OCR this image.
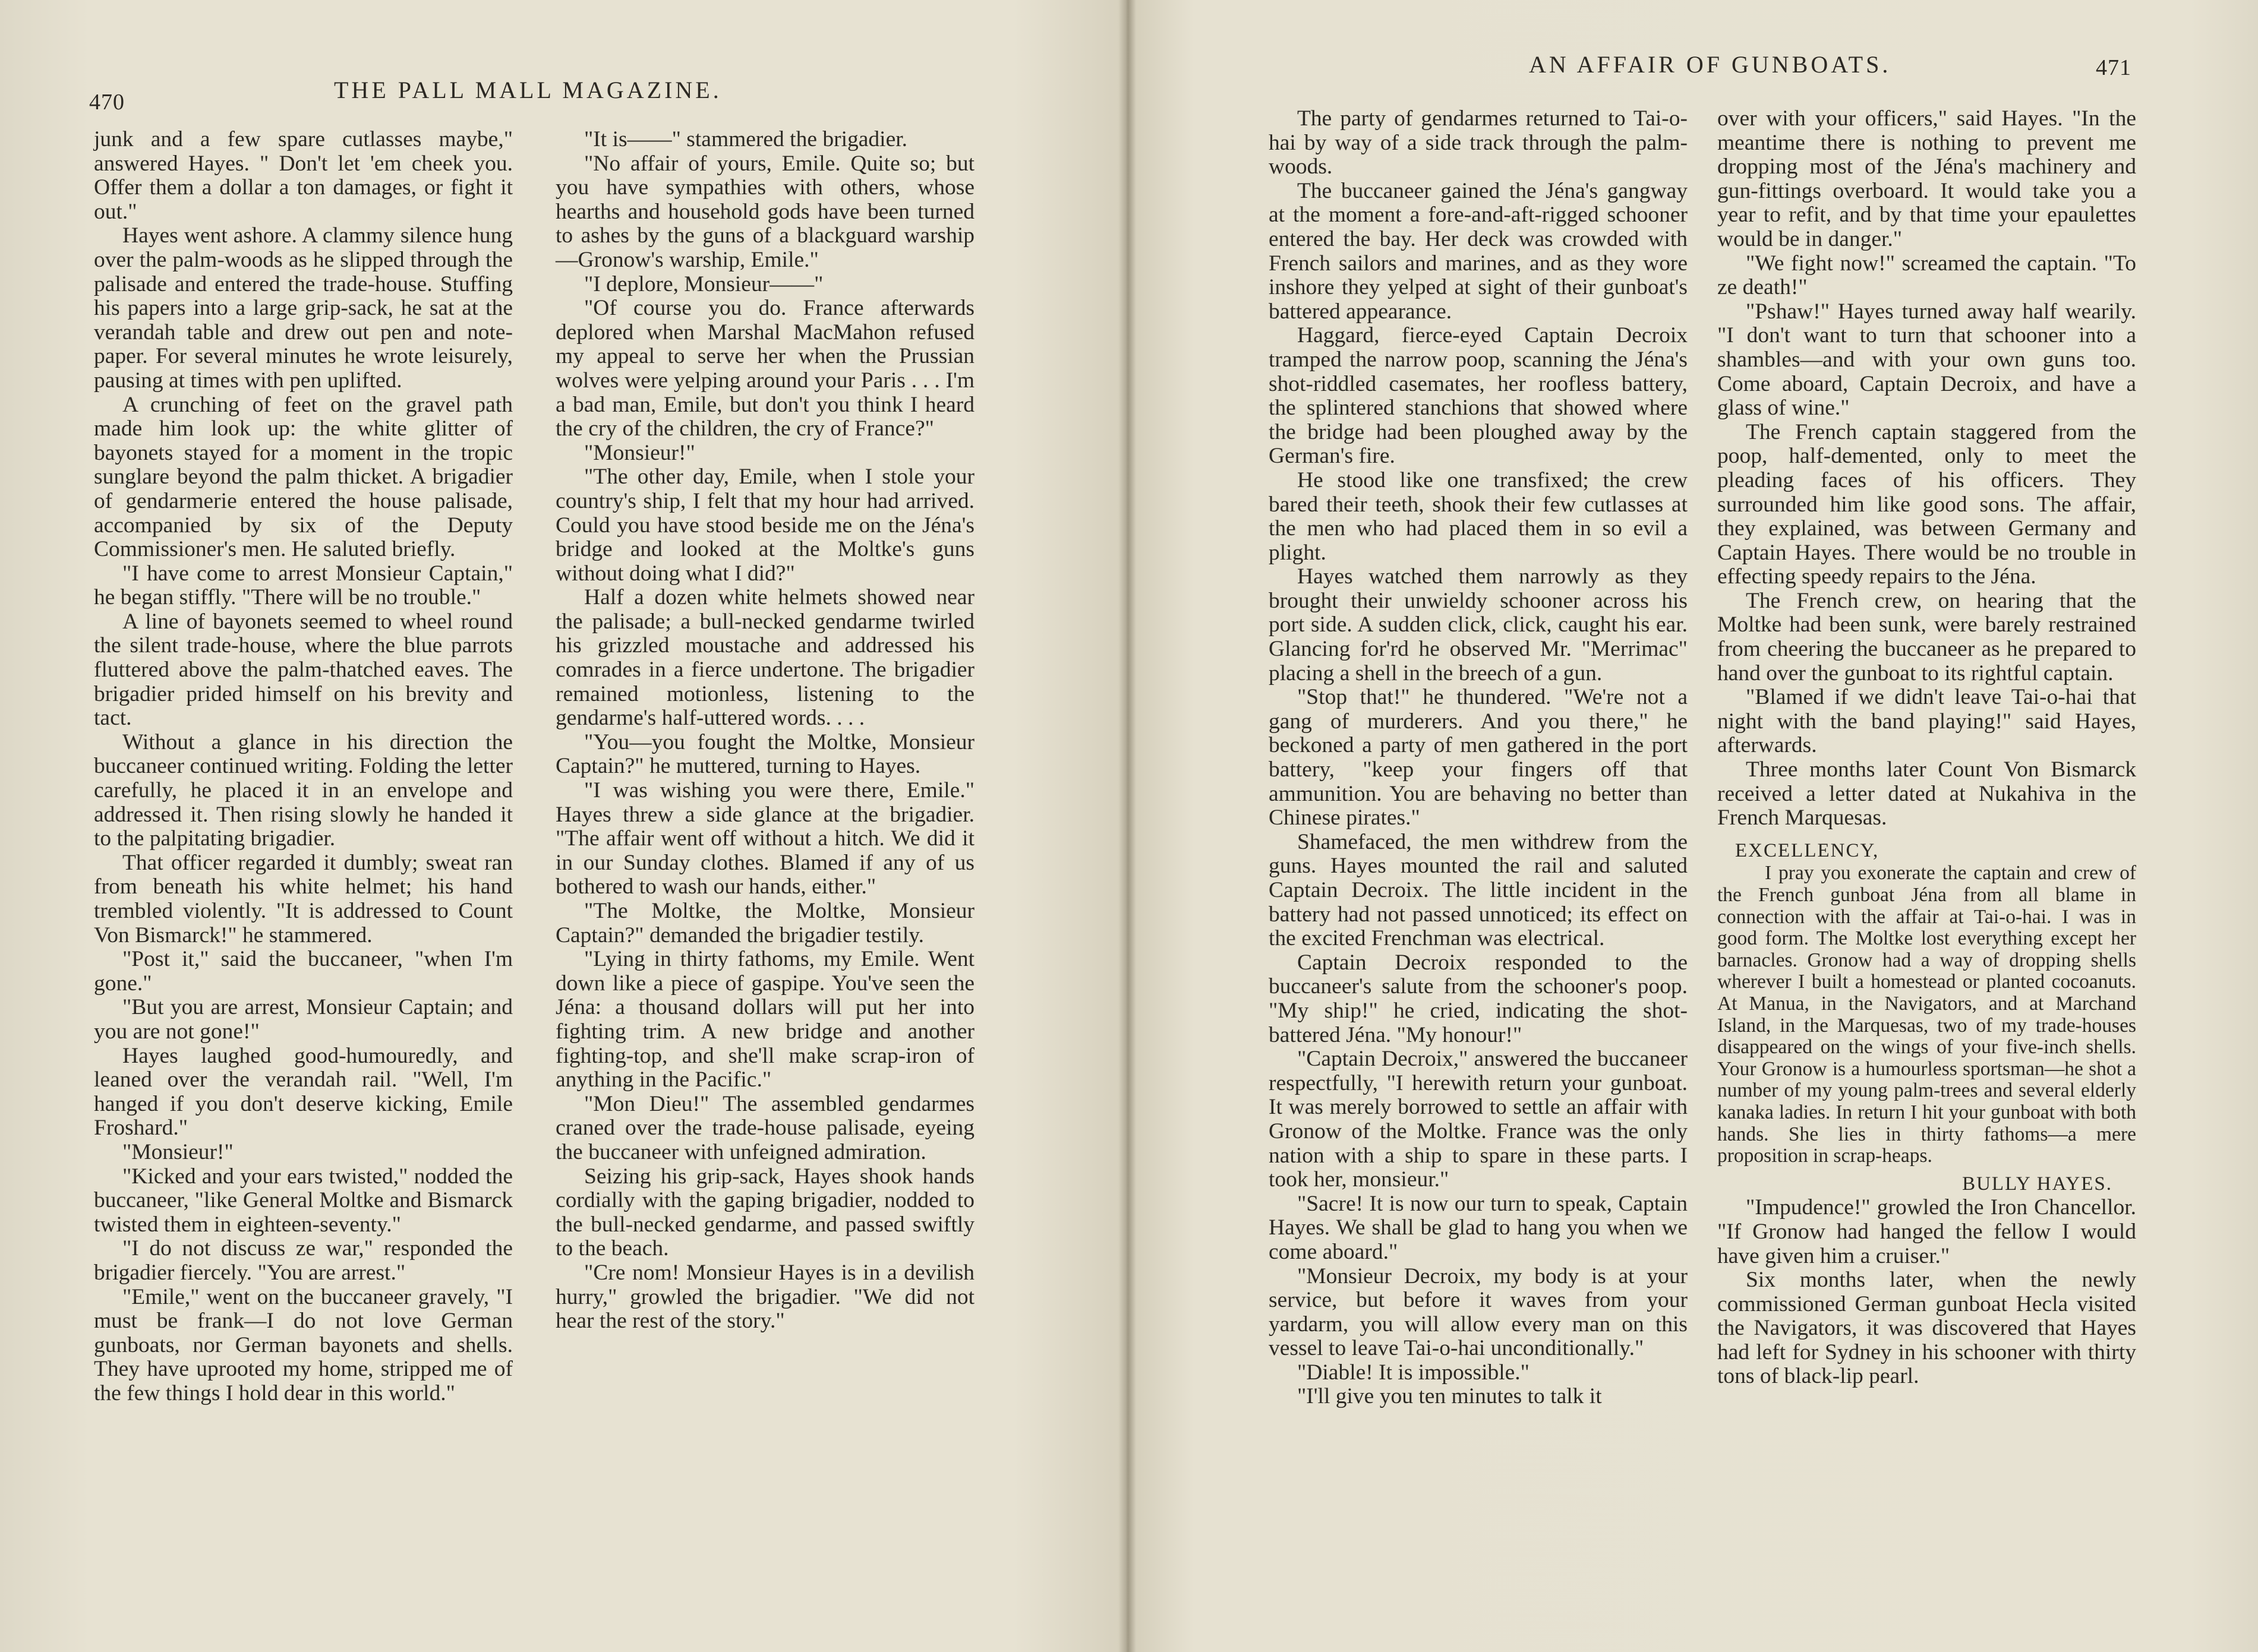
470	THE PALL MALL MAGAZINE.

junk and a few spare cutlasses maybe," answered Hayes. " Don't let 'em cheek you. Offer them a dollar a ton damages, or fight it out."

Hayes went ashore. A clammy silence hung over the palm-woods as he slipped through the palisade and entered the trade-house. Stuffing his papers into a large grip-sack, he sat at the verandah table and drew out pen and note-paper. For several minutes he wrote leisurely, pausing at times with pen uplifted.

A crunching of feet on the gravel path made him look up: the white glitter of bayonets stayed for a moment in the tropic sunglare beyond the palm thicket. A brigadier of gendarmerie entered the house palisade, accompanied by six of the Deputy Commissioner's men. He saluted briefly.

"I have come to arrest Monsieur Captain," he began stiffly. "There will be no trouble."

A line of bayonets seemed to wheel round the silent trade-house, where the blue parrots fluttered above the palm-thatched eaves. The brigadier prided himself on his brevity and tact.

Without a glance in his direction the buccaneer continued writing. Folding the letter carefully, he placed it in an envelope and addressed it. Then rising slowly he handed it to the palpitating brigadier.

That officer regarded it dumbly; sweat ran from beneath his white helmet; his hand trembled violently. "It is addressed to Count Von Bismarck!" he stammered.

"Post it," said the buccaneer, "when I'm gone."

"But you are arrest, Monsieur Captain; and you are not gone!"

Hayes laughed good-humouredly, and leaned over the verandah rail. "Well, I'm hanged if you don't deserve kicking, Emile Froshard."

"Monsieur!"

"Kicked and your ears twisted," nodded the buccaneer, "like General Moltke and Bismarck twisted them in eighteen-seventy."

"I do not discuss ze war," responded the brigadier fiercely. "You are arrest."

"Emile," went on the buccaneer gravely, "I must be frank—I do not love German gunboats, nor German bayonets and shells. They have uprooted my home, stripped me of the few things I hold dear in this world."

"It is——" stammered the brigadier.

"No affair of yours, Emile. Quite so; but you have sympathies with others, whose hearths and household gods have been turned to ashes by the guns of a blackguard warship—Gronow's warship, Emile."

"I deplore, Monsieur——"

"Of course you do. France afterwards deplored when Marshal MacMahon refused my appeal to serve her when the Prussian wolves were yelping around your Paris . . . I'm a bad man, Emile, but don't you think I heard the cry of the children, the cry of France?"

"Monsieur!"

"The other day, Emile, when I stole your country's ship, I felt that my hour had arrived. Could you have stood beside me on the Jéna's bridge and looked at the Moltke's guns without doing what I did?"

Half a dozen white helmets showed near the palisade; a bull-necked gendarme twirled his grizzled moustache and addressed his comrades in a fierce undertone. The brigadier remained motionless, listening to the gendarme's half-uttered words. . . .

"You—you fought the Moltke, Monsieur Captain?" he muttered, turning to Hayes.

"I was wishing you were there, Emile." Hayes threw a side glance at the brigadier. "The affair went off without a hitch. We did it in our Sunday clothes. Blamed if any of us bothered to wash our hands, either."

"The Moltke, the Moltke, Monsieur Captain?" demanded the brigadier testily.

"Lying in thirty fathoms, my Emile. Went down like a piece of gaspipe. You've seen the Jéna: a thousand dollars will put her into fighting trim. A new bridge and another fighting-top, and she'll make scrap-iron of anything in the Pacific."

"Mon Dieu!" The assembled gendarmes craned over the trade-house palisade, eyeing the buccaneer with unfeigned admiration.

Seizing his grip-sack, Hayes shook hands cordially with the gaping brigadier, nodded to the bull-necked gendarme, and passed swiftly to the beach.

"Cre nom! Monsieur Hayes is in a devilish hurry," growled the brigadier. "We did not hear the rest of the story."

AN AFFAIR OF GUNBOATS.	471

The party of gendarmes returned to Tai-o-hai by way of a side track through the palm-woods.

The buccaneer gained the Jéna's gangway at the moment a fore-and-aft-rigged schooner entered the bay. Her deck was crowded with French sailors and marines, and as they wore inshore they yelped at sight of their gunboat's battered appearance.

Haggard, fierce-eyed Captain Decroix tramped the narrow poop, scanning the Jéna's shot-riddled casemates, her roofless battery, the splintered stanchions that showed where the bridge had been ploughed away by the German's fire.

He stood like one transfixed; the crew bared their teeth, shook their few cutlasses at the men who had placed them in so evil a plight.

Hayes watched them narrowly as they brought their unwieldy schooner across his port side. A sudden click, click, caught his ear. Glancing for'rd he observed Mr. "Merrimac" placing a shell in the breech of a gun.

"Stop that!" he thundered. "We're not a gang of murderers. And you there," he beckoned a party of men gathered in the port battery, "keep your fingers off that ammunition. You are behaving no better than Chinese pirates."

Shamefaced, the men withdrew from the guns. Hayes mounted the rail and saluted Captain Decroix. The little incident in the battery had not passed unnoticed; its effect on the excited Frenchman was electrical.

Captain Decroix responded to the buccaneer's salute from the schooner's poop. "My ship!" he cried, indicating the shot-battered Jéna. "My honour!"

"Captain Decroix," answered the buccaneer respectfully, "I herewith return your gunboat. It was merely borrowed to settle an affair with Gronow of the Moltke. France was the only nation with a ship to spare in these parts. I took her, monsieur."

"Sacre! It is now our turn to speak, Captain Hayes. We shall be glad to hang you when we come aboard."

"Monsieur Decroix, my body is at your service, but before it waves from your yardarm, you will allow every man on this vessel to leave Tai-o-hai unconditionally."

"Diable! It is impossible."

"I'll give you ten minutes to talk it

over with your officers," said Hayes. "In the meantime there is nothing to prevent me dropping most of the Jéna's machinery and gun-fittings overboard. It would take you a year to refit, and by that time your epaulettes would be in danger."

"We fight now!" screamed the captain. "To ze death!"

"Pshaw!" Hayes turned away half wearily. "I don't want to turn that schooner into a shambles—and with your own guns too. Come aboard, Captain Decroix, and have a glass of wine."

The French captain staggered from the poop, half-demented, only to meet the pleading faces of his officers. They surrounded him like good sons. The affair, they explained, was between Germany and Captain Hayes. There would be no trouble in effecting speedy repairs to the Jéna.

The French crew, on hearing that the Moltke had been sunk, were barely restrained from cheering the buccaneer as he prepared to hand over the gunboat to its rightful captain.

"Blamed if we didn't leave Tai-o-hai that night with the band playing!" said Hayes, afterwards.

Three months later Count Von Bismarck received a letter dated at Nukahiva in the French Marquesas.

EXCELLENCY,

I pray you exonerate the captain and crew of the French gunboat Jéna from all blame in connection with the affair at Tai-o-hai. I was in good form. The Moltke lost everything except her barnacles. Gronow had a way of dropping shells wherever I built a homestead or planted cocoanuts. At Manua, in the Navigators, and at Marchand Island, in the Marquesas, two of my trade-houses disappeared on the wings of your five-inch shells. Your Gronow is a humourless sportsman—he shot a number of my young palm-trees and several elderly kanaka ladies. In return I hit your gunboat with both hands. She lies in thirty fathoms—a mere proposition in scrap-heaps.

BULLY HAYES.

"Impudence!" growled the Iron Chancellor. "If Gronow had hanged the fellow I would have given him a cruiser."

Six months later, when the newly commissioned German gunboat Hecla visited the Navigators, it was discovered that Hayes had left for Sydney in his schooner with thirty tons of black-lip pearl.
